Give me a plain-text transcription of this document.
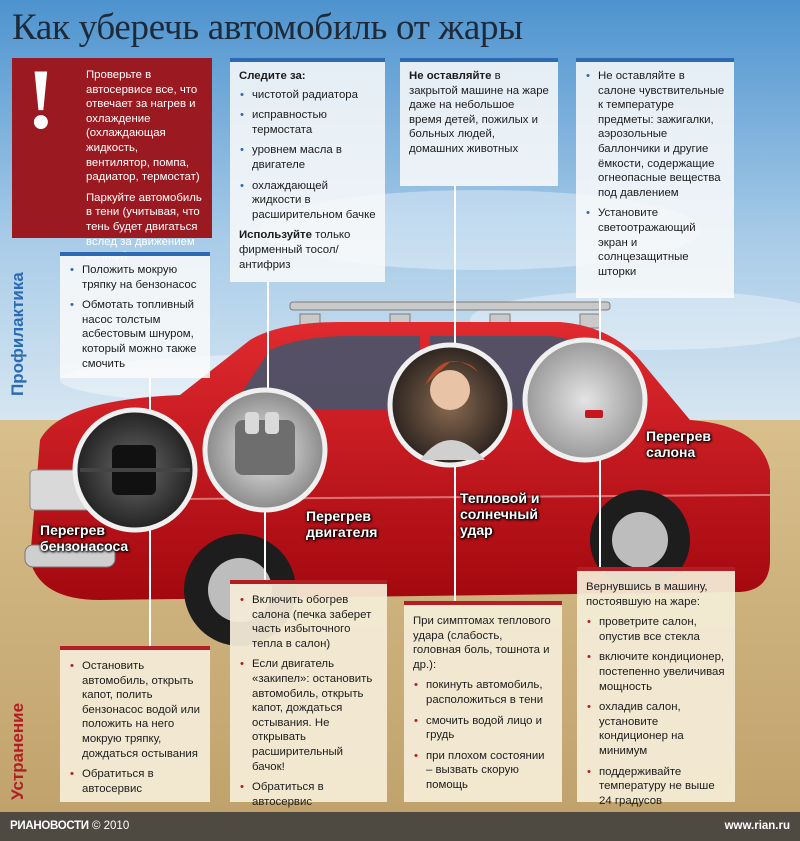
Как уберечь автомобиль от жары

Проверьте в автосервисе все, что отвечает за нагрев и охлаждение (охлаждающая жидкость, вентилятор, помпа, радиатор, термостат)

Паркуйте автомобиль в тени (учитывая, что тень будет двигаться вслед за движением

!	Следите за:

• чистотой радиатора
• исправностью термостата
• уровнем масла в двигателе
• охлаждающей жидкости в расширительном бачке

Используйте только фирменный тосол/антифриз

Не оставляйте в закрытой машине на жаре даже на небольшое время детей, пожилых и больных людей, домашних животных

• Не оставляйте в салоне чувствительные к температуре предметы: зажигалки, аэрозольные баллончики и другие ёмкости, содержащие огнеопасные вещества под давлением
• Установите светоотражающий экран и солнцезащитные шторки
• Положить мокрую тряпку на бензонасос
• Обмотать топливный насос толстым асбестовым шнуром, который можно также смочить
Профилактика
Устранение
Перегрев бензонасоса
Перегрев двигателя
Тепловой и солнечный удар
Перегрев салона
• Остановить автомобиль, открыть капот, полить бензонасос водой или положить на него мокрую тряпку, дождаться остывания
• Обратиться в автосервис
• Включить обогрев салона (печка заберет часть избыточного тепла в салон)
• Если двигатель «закипел»: остановить автомобиль, открыть капот, дождаться остывания. Не открывать расширительный бачок!
• Обратиться в автосервис

При симптомах теплового удара (слабость, головная боль, тошнота и др.):

• покинуть автомобиль, расположиться в тени
• смочить водой лицо и грудь
• при плохом состоянии – вызвать скорую помощь

Вернувшись в машину, постоявшую на жаре:

• проветрите салон, опустив все стекла
• включите кондиционер, постепенно увеличивая мощность
• охладив салон, установите кондиционер на минимум
• поддерживайте температуру не выше 24 градусов
РИАНОВОСТИ © 2010	www.rian.ru
